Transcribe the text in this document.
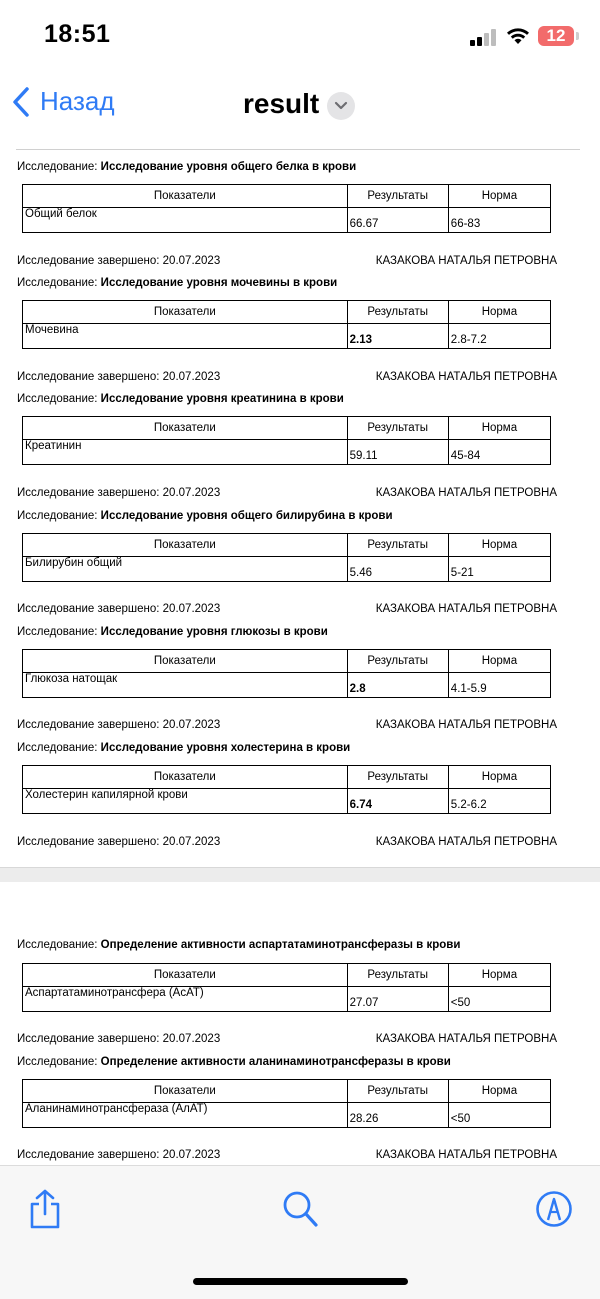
18:51	12
Назад	result
Исследование: Исследование уровня общего белка в крови
Показатели	Результаты	Норма
Общий белок	66.67	66-83
Исследование завершено: 20.07.2023	КАЗАКОВА НАТАЛЬЯ ПЕТРОВНА
Исследование: Исследование уровня мочевины в крови
Показатели	Результаты	Норма
Мочевина	2.13	2.8-7.2
Исследование завершено: 20.07.2023	КАЗАКОВА НАТАЛЬЯ ПЕТРОВНА
Исследование: Исследование уровня креатинина в крови
Показатели	Результаты	Норма
Креатинин	59.11	45-84
Исследование завершено: 20.07.2023	КАЗАКОВА НАТАЛЬЯ ПЕТРОВНА
Исследование: Исследование уровня общего билирубина в крови
Показатели	Результаты	Норма
Билирубин общий	5.46	5-21
Исследование завершено: 20.07.2023	КАЗАКОВА НАТАЛЬЯ ПЕТРОВНА
Исследование: Исследование уровня глюкозы в крови
Показатели	Результаты	Норма
Глюкоза натощак	2.8	4.1-5.9
Исследование завершено: 20.07.2023	КАЗАКОВА НАТАЛЬЯ ПЕТРОВНА
Исследование: Исследование уровня холестерина в крови
Показатели	Результаты	Норма
Холестерин капилярной крови	6.74	5.2-6.2
Исследование завершено: 20.07.2023	КАЗАКОВА НАТАЛЬЯ ПЕТРОВНА
Исследование: Определение активности аспартатаминотрансферазы в крови
Показатели	Результаты	Норма
Аспартатаминотрансфера (АсАТ)	27.07	<50
Исследование завершено: 20.07.2023	КАЗАКОВА НАТАЛЬЯ ПЕТРОВНА
Исследование: Определение активности аланинаминотрансферазы в крови
Показатели	Результаты	Норма
Аланинаминотрансфераза (АлАТ)	28.26	<50
Исследование завершено: 20.07.2023	КАЗАКОВА НАТАЛЬЯ ПЕТРОВНА
